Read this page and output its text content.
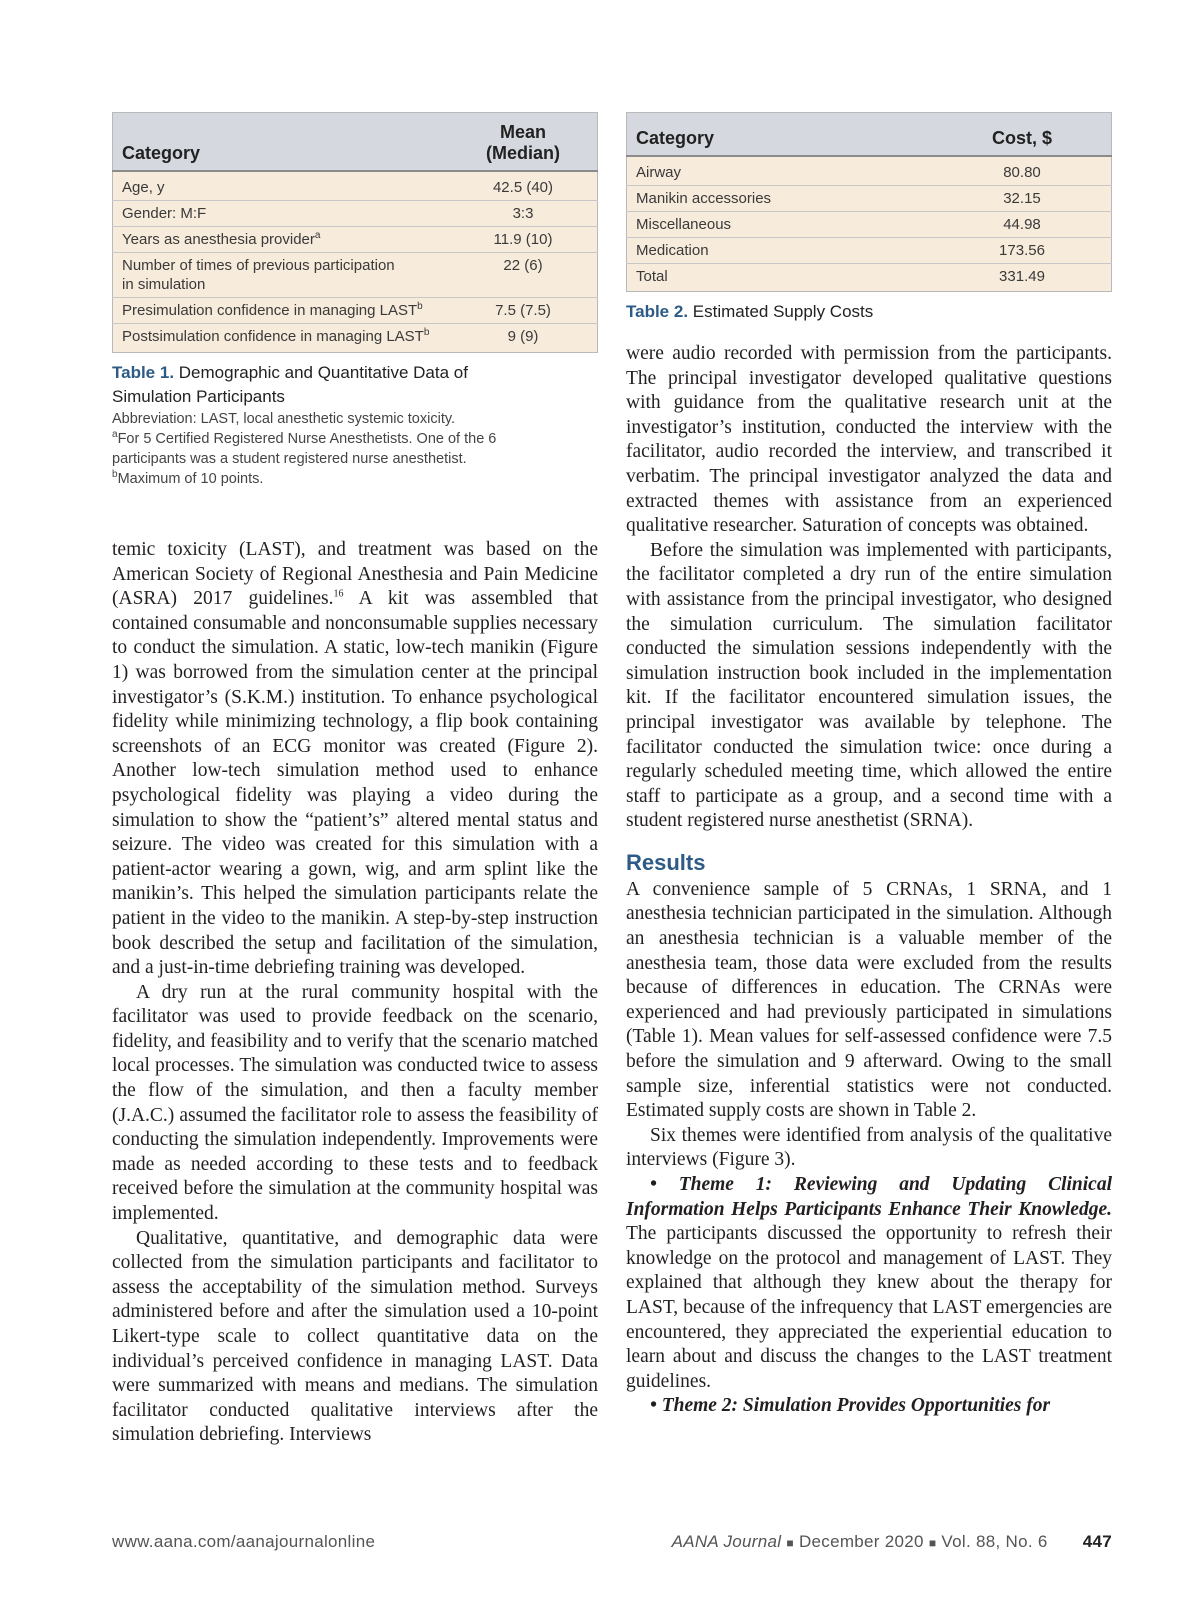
Category	Mean
(Median)

Age, y	42.5 (40)
Gender: M:F	3:3
Years as anesthesia provider$^a$	11.9 (10)

Number of times of previous participation
in simulation	22 (6)
Presimulation confidence in managing LAST$^b$	7.5 (7.5)
Postsimulation confidence in managing LAST$^b$	9 (9)
Table 1. Demographic and Quantitative Data of
Simulation Participants
Abbreviation: LAST, local anesthetic systemic toxicity.
$^a$For 5 Certified Registered Nurse Anesthetists. One of the 6
participants was a student registered nurse anesthetist.
$^b$Maximum of 10 points.
Category	Cost, $
Airway	80.80
Manikin accessories	32.15
Miscellaneous	44.98
Medication	173.56
Total	331.49
Table 2. Estimated Supply Costs

temic toxicity (LAST), and treatment was based on the American Society of Regional Anesthesia and Pain Medicine (ASRA) 2017 guidelines.$^{16}$ A kit was assembled that contained consumable and nonconsumable supplies necessary to conduct the simulation. A static, low-tech manikin (Figure 1) was borrowed from the simulation center at the principal investigator’s (S.K.M.) institution. To enhance psychological fidelity while minimizing technology, a flip book containing screenshots of an ECG monitor was created (Figure 2). Another low-tech simulation method used to enhance psychological fidelity was playing a video during the simulation to show the “patient’s” altered mental status and seizure. The video was created for this simulation with a patient-actor wearing a gown, wig, and arm splint like the manikin’s. This helped the simulation participants relate the patient in the video to the manikin. A step-by-step instruction book described the setup and facilitation of the simulation, and a just-in-time debriefing training was developed.

A dry run at the rural community hospital with the facilitator was used to provide feedback on the scenario, fidelity, and feasibility and to verify that the scenario matched local processes. The simulation was conducted twice to assess the flow of the simulation, and then a faculty member (J.A.C.) assumed the facilitator role to assess the feasibility of conducting the simulation independently. Improvements were made as needed according to these tests and to feedback received before the simulation at the community hospital was implemented.

Qualitative, quantitative, and demographic data were collected from the simulation participants and facilitator to assess the acceptability of the simulation method. Surveys administered before and after the simulation used a 10-point Likert-type scale to collect quantitative data on the individual’s perceived confidence in managing LAST. Data were summarized with means and medians. The simulation facilitator conducted qualitative interviews after the simulation debriefing. Interviews

were audio recorded with permission from the participants. The principal investigator developed qualitative questions with guidance from the qualitative research unit at the investigator’s institution, conducted the interview with the facilitator, audio recorded the interview, and transcribed it verbatim. The principal investigator analyzed the data and extracted themes with assistance from an experienced qualitative researcher. Saturation of concepts was obtained.

Before the simulation was implemented with participants, the facilitator completed a dry run of the entire simulation with assistance from the principal investigator, who designed the simulation curriculum. The simulation facilitator conducted the simulation sessions independently with the simulation instruction book included in the implementation kit. If the facilitator encountered simulation issues, the principal investigator was available by telephone. The facilitator conducted the simulation twice: once during a regularly scheduled meeting time, which allowed the entire staff to participate as a group, and a second time with a student registered nurse anesthetist (SRNA).

Results

A convenience sample of 5 CRNAs, 1 SRNA, and 1 anesthesia technician participated in the simulation. Although an anesthesia technician is a valuable member of the anesthesia team, those data were excluded from the results because of differences in education. The CRNAs were experienced and had previously participated in simulations (Table 1). Mean values for self-assessed confidence were 7.5 before the simulation and 9 afterward. Owing to the small sample size, inferential statistics were not conducted. Estimated supply costs are shown in Table 2.

Six themes were identified from analysis of the qualitative interviews (Figure 3).

• Theme 1: Reviewing and Updating Clinical Information Helps Participants Enhance Their Knowledge. The participants discussed the opportunity to refresh their knowledge on the protocol and management of LAST. They explained that although they knew about the therapy for LAST, because of the infrequency that LAST emergencies are encountered, they appreciated the experiential education to learn about and discuss the changes to the LAST treatment guidelines.

• Theme 2: Simulation Provides Opportunities for

www.aana.com/aanajournalonline	AANA Journal ■ December 2020 ■ Vol. 88, No. 6 447
